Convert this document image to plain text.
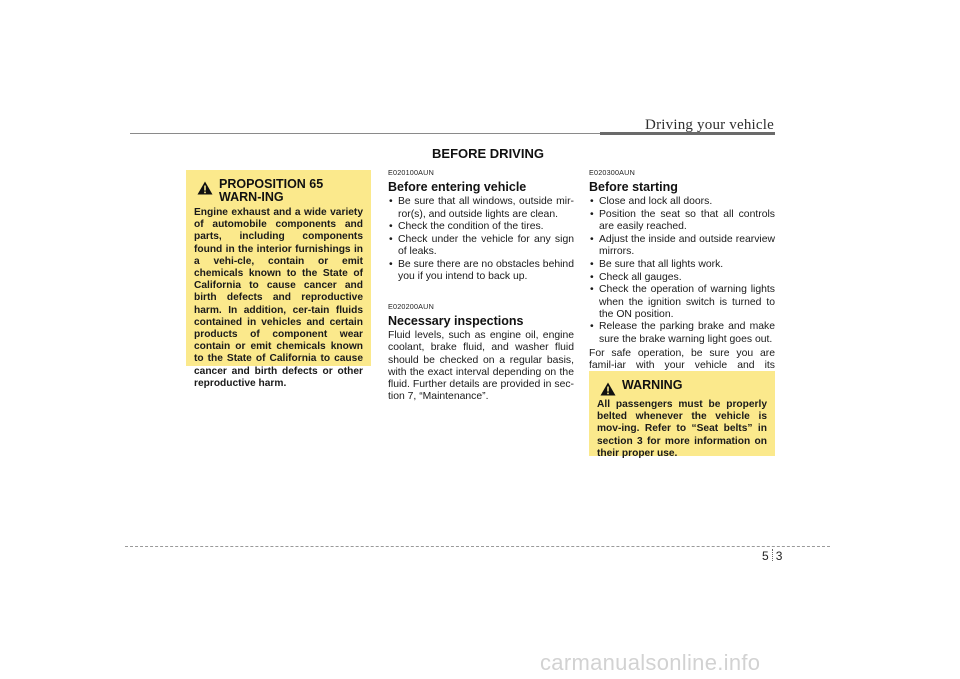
Driving your vehicle
BEFORE DRIVING
PROPOSITION 65 WARN-ING
Engine exhaust and a wide variety of automobile components and parts, including components found in the interior furnishings in a vehi-cle, contain or emit chemicals known to the State of California to cause cancer and birth defects and reproductive harm. In addition, cer-tain fluids contained in vehicles and certain products of component wear contain or emit chemicals known to the State of California to cause cancer and birth defects or other reproductive harm.
E020100AUN
Before entering vehicle
• Be sure that all windows, outside mir-ror(s), and outside lights are clean.
• Check the condition of the tires.
• Check under the vehicle for any sign of leaks.
• Be sure there are no obstacles behind you if you intend to back up.
E020200AUN
Necessary inspections
Fluid levels, such as engine oil, engine coolant, brake fluid, and washer fluid should be checked on a regular basis, with the exact interval depending on the fluid. Further details are provided in sec-tion 7, “Maintenance”.
E020300AUN
Before starting
• Close and lock all doors.
• Position the seat so that all controls are easily reached.
• Adjust the inside and outside rearview mirrors.
• Be sure that all lights work.
• Check all gauges.
• Check the operation of warning lights when the ignition switch is turned to the ON position.
• Release the parking brake and make sure the brake warning light goes out.
For safe operation, be sure you are famil-iar with your vehicle and its
WARNING
All passengers must be properly belted whenever the vehicle is mov-ing. Refer to “Seat belts” in section 3 for more information on their proper use.
5 3
carmanualsonline.info
